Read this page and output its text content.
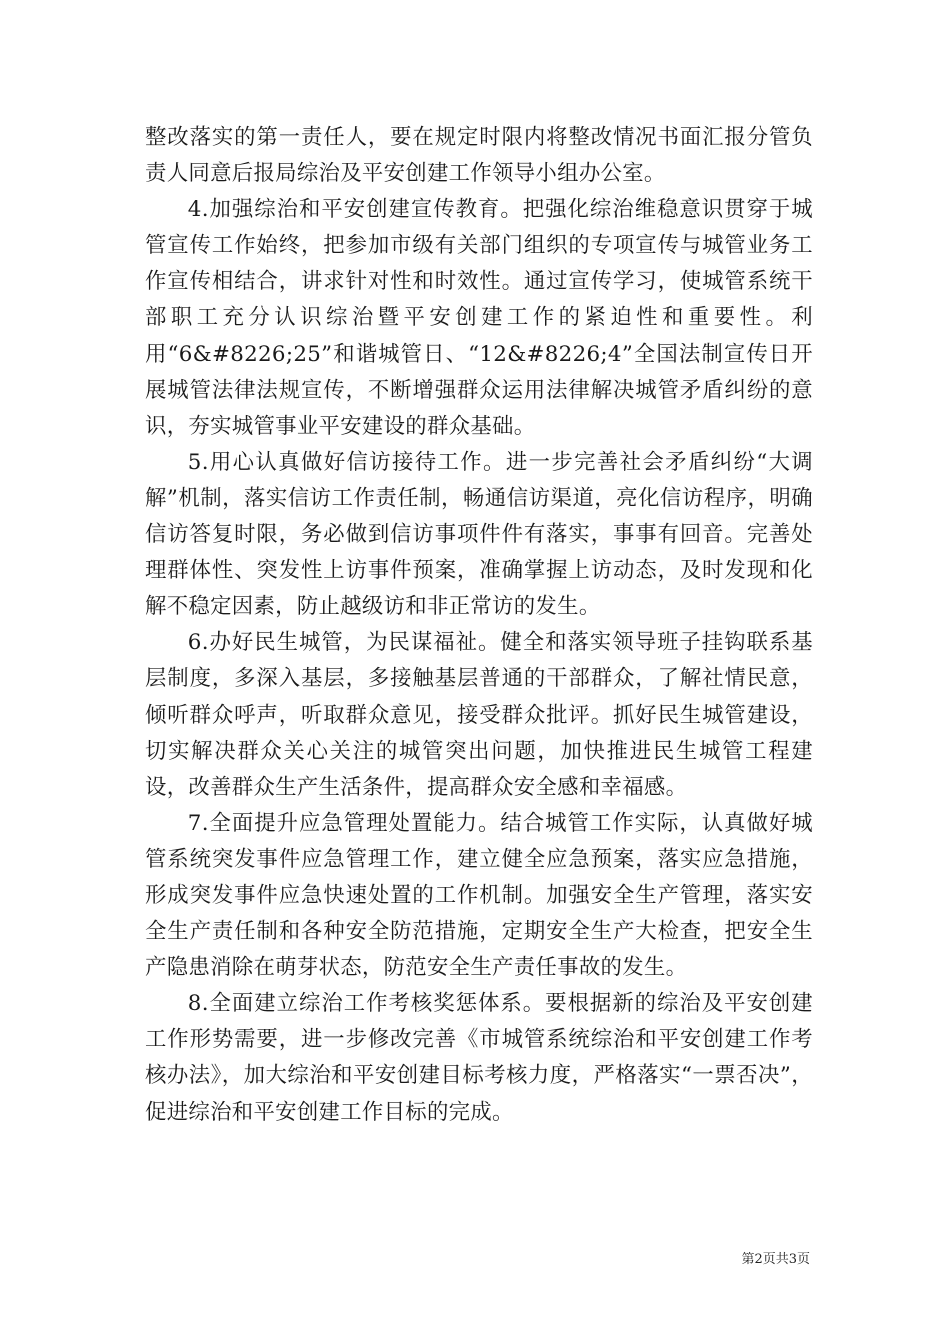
整改落实的第一责任人，要在规定时限内将整改情况书面汇报分管负责人同意后报局综治及平安创建工作领导小组办公室。

4.加强综治和平安创建宣传教育。把强化综治维稳意识贯穿于城管宣传工作始终，把参加市级有关部门组织的专项宣传与城管业务工作宣传相结合，讲求针对性和时效性。通过宣传学习，使城管系统干部职工充分认识综治暨平安创建工作的紧迫性和重要性。利用“6&#8226;25”和谐城管日、“12&#8226;4”全国法制宣传日开展城管法律法规宣传，不断增强群众运用法律解决城管矛盾纠纷的意识，夯实城管事业平安建设的群众基础。

5.用心认真做好信访接待工作。进一步完善社会矛盾纠纷“大调解”机制，落实信访工作责任制，畅通信访渠道，亮化信访程序，明确信访答复时限，务必做到信访事项件件有落实，事事有回音。完善处理群体性、突发性上访事件预案，准确掌握上访动态，及时发现和化解不稳定因素，防止越级访和非正常访的发生。

6.办好民生城管，为民谋福祉。健全和落实领导班子挂钩联系基层制度，多深入基层，多接触基层普通的干部群众，了解社情民意，倾听群众呼声，听取群众意见，接受群众批评。抓好民生城管建设，切实解决群众关心关注的城管突出问题，加快推进民生城管工程建设，改善群众生产生活条件，提高群众安全感和幸福感。

7.全面提升应急管理处置能力。结合城管工作实际，认真做好城管系统突发事件应急管理工作，建立健全应急预案，落实应急措施，形成突发事件应急快速处置的工作机制。加强安全生产管理，落实安全生产责任制和各种安全防范措施，定期安全生产大检查，把安全生产隐患消除在萌芽状态，防范安全生产责任事故的发生。

8.全面建立综治工作考核奖惩体系。要根据新的综治及平安创建工作形势需要，进一步修改完善《市城管系统综治和平安创建工作考核办法》，加大综治和平安创建目标考核力度，严格落实“一票否决”，促进综治和平安创建工作目标的完成。

第2页共3页
